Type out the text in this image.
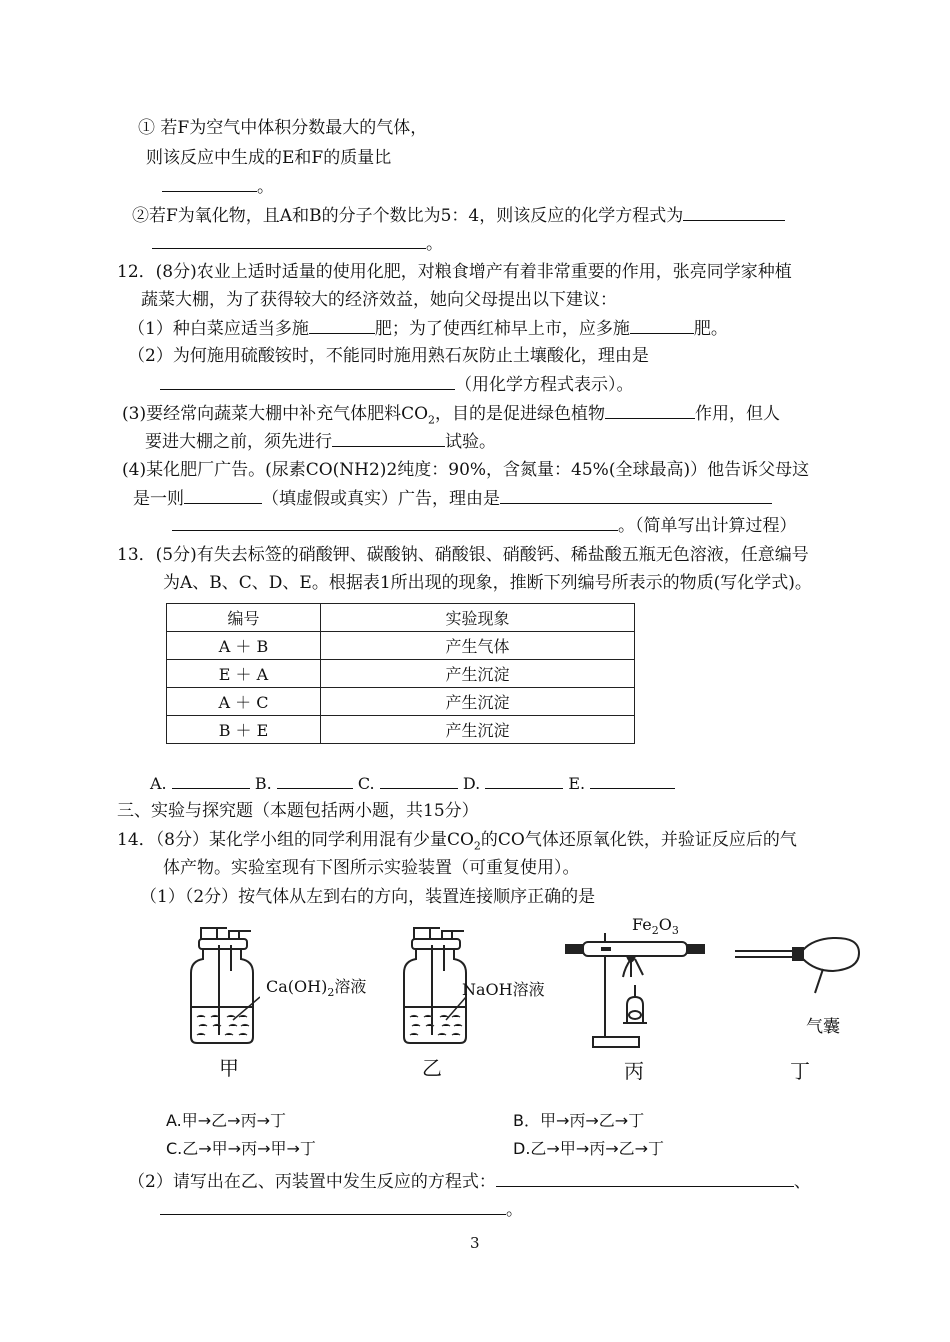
① 若F为空气中体积分数最大的气体，
则该反应中生成的E和F的质量比
。
②若F为氧化物，且A和B的分子个数比为5：4，则该反应的化学方程式为
。
12．(8分)农业上适时适量的使用化肥，对粮食增产有着非常重要的作用，张亮同学家种植
蔬菜大棚，为了获得较大的经济效益，她向父母提出以下建议：
（1）种白菜应适当多施	肥；为了使西红柿早上市，应多施	肥。
（2）为何施用硫酸铵时，不能同时施用熟石灰防止土壤酸化，理由是
（用化学方程式表示）。
(3)要经常向蔬菜大棚中补充气体肥料$CO_2$，目的是促进绿色植物	作用，但人
要进大棚之前，须先进行	试验。
(4)某化肥厂广告。(尿素CO(NH2)2纯度：90%，含氮量：45%(全球最高)）他告诉父母这
是一则	（填虚假或真实）广告，理由是
。（简单写出计算过程）
13．(5分)有失去标签的硝酸钾、碳酸钠、硝酸银、硝酸钙、稀盐酸五瓶无色溶液，任意编号
为A、B、C、D、E。根据表1所出现的现象，推断下列编号所表示的物质(写化学式)。
编号	实验现象
A ＋ B	产生气体
E ＋ A	产生沉淀
A ＋ C	产生沉淀
B ＋ E	产生沉淀
A.	B.	C.	D.	E.
三、实验与探究题（本题包括两小题，共15分）
14．（8分）某化学小组的同学利用混有少量$CO_2$的CO气体还原氧化铁，并验证反应后的气
体产物。实验室现有下图所示实验装置（可重复使用）。
（1）（2分）按气体从左到右的方向，装置连接顺序正确的是
$Ca(OH)_2$溶液
甲
NaOH溶液
乙
$Fe_2O_3$
丙
气囊
丁
A.甲→乙→丙→丁	B．甲→丙→乙→丁
C.乙→甲→丙→甲→丁	D.乙→甲→丙→乙→丁
（2）请写出在乙、丙装置中发生反应的方程式：	、
。
3
